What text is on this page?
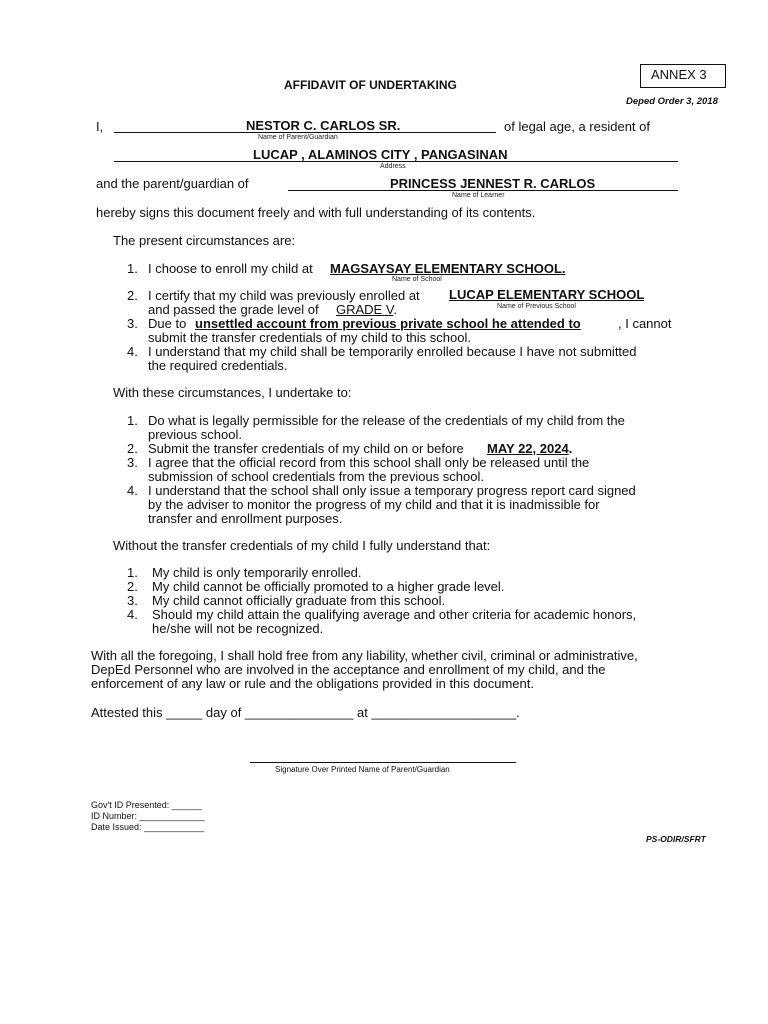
ANNEX 3
AFFIDAVIT OF UNDERTAKING
Deped Order 3, 2018
I,	NESTOR C. CARLOS SR.
Name of Parent/Guardian
of legal age, a resident of
LUCAP , ALAMINOS CITY , PANGASINAN
Address
and the parent/guardian of	PRINCESS JENNEST R. CARLOS
Name of Learner
hereby signs this document freely and with full understanding of its contents.
The present circumstances are:
1. I choose to enroll my child at MAGSAYSAY ELEMENTARY SCHOOL.
Name of School
2. I certify that my child was previously enrolled at LUCAP ELEMENTARY SCHOOL
and passed the grade level of GRADE V.	Name of Previous School
3. Due to unsettled account from previous private school he attended to	, I cannot
submit the transfer credentials of my child to this school.
4. I understand that my child shall be temporarily enrolled because I have not submitted
the required credentials.
With these circumstances, I undertake to:
1. Do what is legally permissible for the release of the credentials of my child from the
previous school.
2. Submit the transfer credentials of my child on or before MAY 22, 2024.
3. I agree that the official record from this school shall only be released until the
submission of school credentials from the previous school.
4. I understand that the school shall only issue a temporary progress report card signed
by the adviser to monitor the progress of my child and that it is inadmissible for
transfer and enrollment purposes.
Without the transfer credentials of my child I fully understand that:
1. My child is only temporarily enrolled.
2. My child cannot be officially promoted to a higher grade level.
3. My child cannot officially graduate from this school.
4. Should my child attain the qualifying average and other criteria for academic honors,
he/she will not be recognized.
With all the foregoing, I shall hold free from any liability, whether civil, criminal or administrative,
DepEd Personnel who are involved in the acceptance and enrollment of my child, and the
enforcement of any law or rule and the obligations provided in this document.
Attested this _____ day of _______________ at ____________________.
Signature Over Printed Name of Parent/Guardian
Gov't ID Presented: ______
ID Number: _____________
Date Issued: ____________
PS-ODIR/SFRT
